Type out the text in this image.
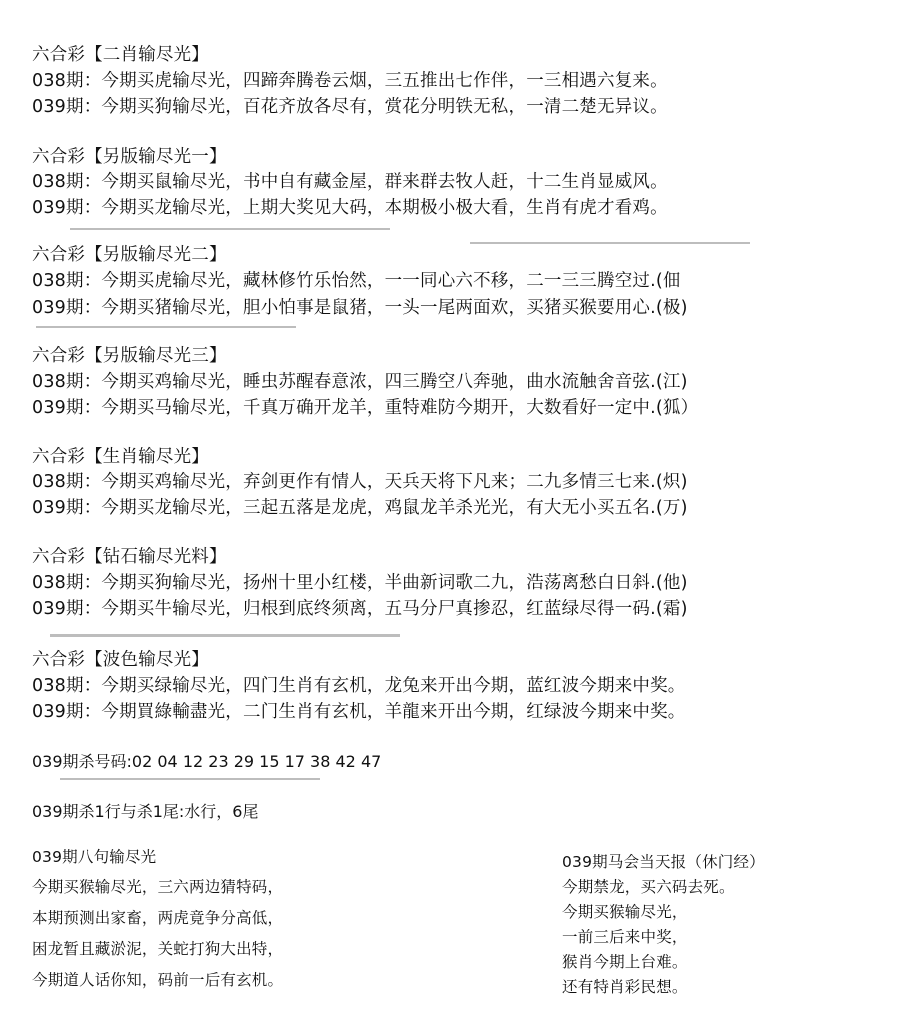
六合彩【二肖输尽光】
038期：今期买虎输尽光，四蹄奔腾卷云烟，三五推出七作伴，一三相遇六复来。
039期：今期买狗输尽光，百花齐放各尽有，赏花分明铁无私，一清二楚无异议。
六合彩【另版输尽光一】
038期：今期买鼠输尽光，书中自有藏金屋，群来群去牧人赶，十二生肖显威风。
039期：今期买龙输尽光，上期大奖见大码，本期极小极大看，生肖有虎才看鸡。
六合彩【另版输尽光二】
038期：今期买虎输尽光，藏林修竹乐怡然，一一同心六不移，二一三三腾空过.(佃
039期：今期买猪输尽光，胆小怕事是鼠猪，一头一尾两面欢，买猪买猴要用心.(极)
六合彩【另版输尽光三】
038期：今期买鸡输尽光，睡虫苏醒春意浓，四三腾空八奔驰，曲水流触舍音弦.(江)
039期：今期买马输尽光，千真万确开龙羊，重特难防今期开，大数看好一定中.(狐）
六合彩【生肖输尽光】
038期：今期买鸡输尽光，弃剑更作有情人，天兵天将下凡来；二九多情三七来.(炽)
039期：今期买龙输尽光，三起五落是龙虎，鸡鼠龙羊杀光光，有大无小买五名.(万)
六合彩【钻石输尽光料】
038期：今期买狗输尽光，扬州十里小红楼，半曲新词歌二九，浩荡离愁白日斜.(他)
039期：今期买牛输尽光，归根到底终须离，五马分尸真掺忍，红蓝绿尽得一码.(霜)
六合彩【波色输尽光】
038期：今期买绿输尽光，四门生肖有玄机，龙兔来开出今期，蓝红波今期来中奖。
039期：今期買綠輸盡光，二门生肖有玄机，羊龍来开出今期，红绿波今期来中奖。
039期杀号码:02 04 12 23 29 15 17 38 42 47
039期杀1行与杀1尾:水行，6尾
039期八句输尽光
今期买猴输尽光，三六两边猜特码，
本期预测出家畜，两虎竟争分高低，
困龙暂且藏淤泥，关蛇打狗大出特，
今期道人话你知，码前一后有玄机。
039期马会当天报（休门经）
今期禁龙，买六码去死。
今期买猴输尽光，
一前三后来中奖，
猴肖今期上台难。
还有特肖彩民想。
